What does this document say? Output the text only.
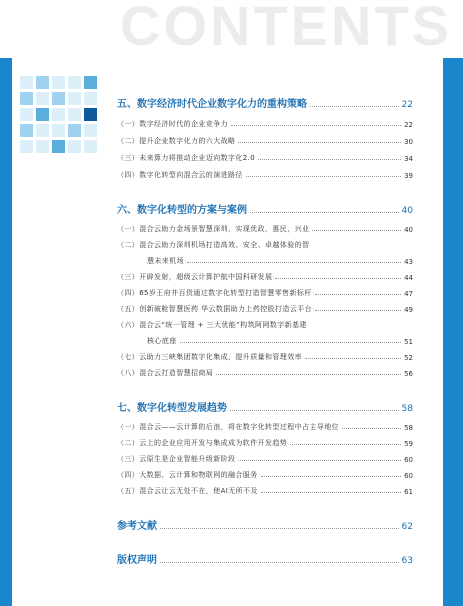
CONTENTS
五、数字经济时代企业数字化力的重构策略	22
（一）数字经济时代的企业竞争力	22
（二）提升企业数字化力的六大战略	30
（三）未来算力将推动企业迈向数字化2.0	34
（四）数字化转型向混合云的演进路径	39
六、数字化转型的方案与案例	40
（一）混合云助力金场景智慧深圳，实现优政，惠民，兴业	40
（二）混合云助力深圳机场打造高效、安全、卓越体验的智
慧未来机场	43
（三）开辟发射，超级云计算护航中国科研发展	44
（四）65岁王府井百货通过数字化转型打造智慧零售新标杆	47
（五）创新破舱智慧医药 华云数据助力上药控股打造云平台	49
（六）混合云“统一管理 + 三大优能”构筑阿网数字新基建
核心底座	51
（七）云助力三峡集团数字化集成，提升质量和管理效率	52
（八）混合云打造智慧招商局	56
七、数字化转型发展趋势	58
（一）混合云——云计算的后浪，将在数字化转型过程中占主导地位	58
（二）云上的企业应用开发与集成成为软件开发趋势	59
（三）云原生是企业智能升级新阶段	60
（四）大数据、云计算和物联网的融合服务	60
（五）混合云让云无处不在，使AI无所不及	61
参考文献	62
版权声明	63
